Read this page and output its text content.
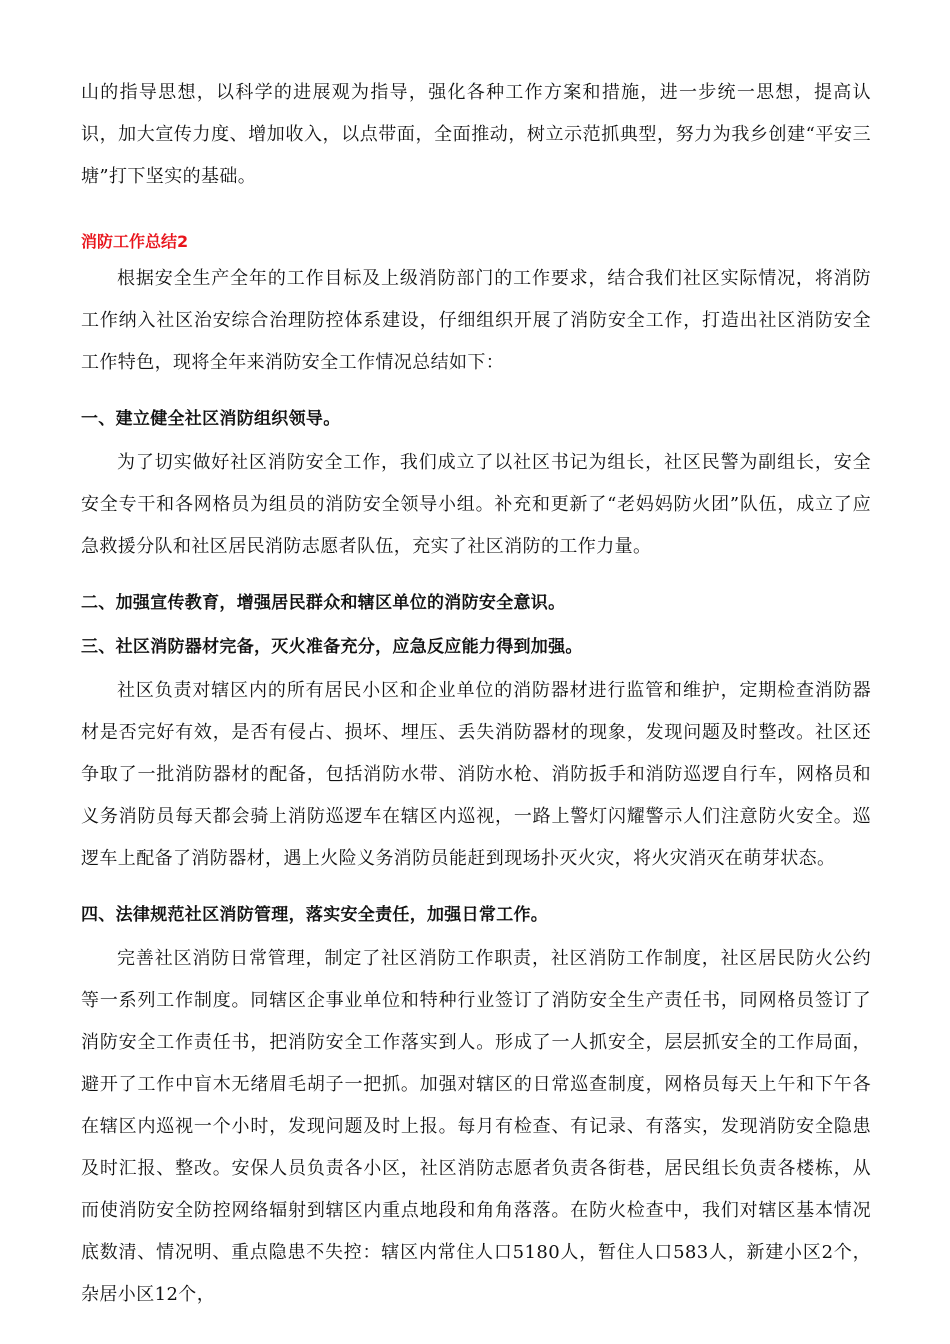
山的指导思想，以科学的进展观为指导，强化各种工作方案和措施，进一步统一思想，提高认识，加大宣传力度、增加收入，以点带面，全面推动，树立示范抓典型，努力为我乡创建“平安三塘”打下坚实的基础。

消防工作总结2

根据安全生产全年的工作目标及上级消防部门的工作要求，结合我们社区实际情况，将消防工作纳入社区治安综合治理防控体系建设，仔细组织开展了消防安全工作，打造出社区消防安全工作特色，现将全年来消防安全工作情况总结如下：

一、建立健全社区消防组织领导。

为了切实做好社区消防安全工作，我们成立了以社区书记为组长，社区民警为副组长，安全安全专干和各网格员为组员的消防安全领导小组。补充和更新了“老妈妈防火团”队伍，成立了应急救援分队和社区居民消防志愿者队伍，充实了社区消防的工作力量。

二、加强宣传教育，增强居民群众和辖区单位的消防安全意识。
三、社区消防器材完备，灭火准备充分，应急反应能力得到加强。

社区负责对辖区内的所有居民小区和企业单位的消防器材进行监管和维护，定期检查消防器材是否完好有效，是否有侵占、损坏、埋压、丢失消防器材的现象，发现问题及时整改。社区还争取了一批消防器材的配备，包括消防水带、消防水枪、消防扳手和消防巡逻自行车，网格员和义务消防员每天都会骑上消防巡逻车在辖区内巡视，一路上警灯闪耀警示人们注意防火安全。巡逻车上配备了消防器材，遇上火险义务消防员能赶到现场扑灭火灾，将火灾消灭在萌芽状态。

四、法律规范社区消防管理，落实安全责任，加强日常工作。

完善社区消防日常管理，制定了社区消防工作职责，社区消防工作制度，社区居民防火公约等一系列工作制度。同辖区企事业单位和特种行业签订了消防安全生产责任书，同网格员签订了消防安全工作责任书，把消防安全工作落实到人。形成了一人抓安全，层层抓安全的工作局面，避开了工作中盲木无绪眉毛胡子一把抓。加强对辖区的日常巡查制度，网格员每天上午和下午各在辖区内巡视一个小时，发现问题及时上报。每月有检查、有记录、有落实，发现消防安全隐患及时汇报、整改。安保人员负责各小区，社区消防志愿者负责各街巷，居民组长负责各楼栋，从而使消防安全防控网络辐射到辖区内重点地段和角角落落。在防火检查中，我们对辖区基本情况底数清、情况明、重点隐患不失控：辖区内常住人口5180人，暂住人口583人，新建小区2个，杂居小区12个，
